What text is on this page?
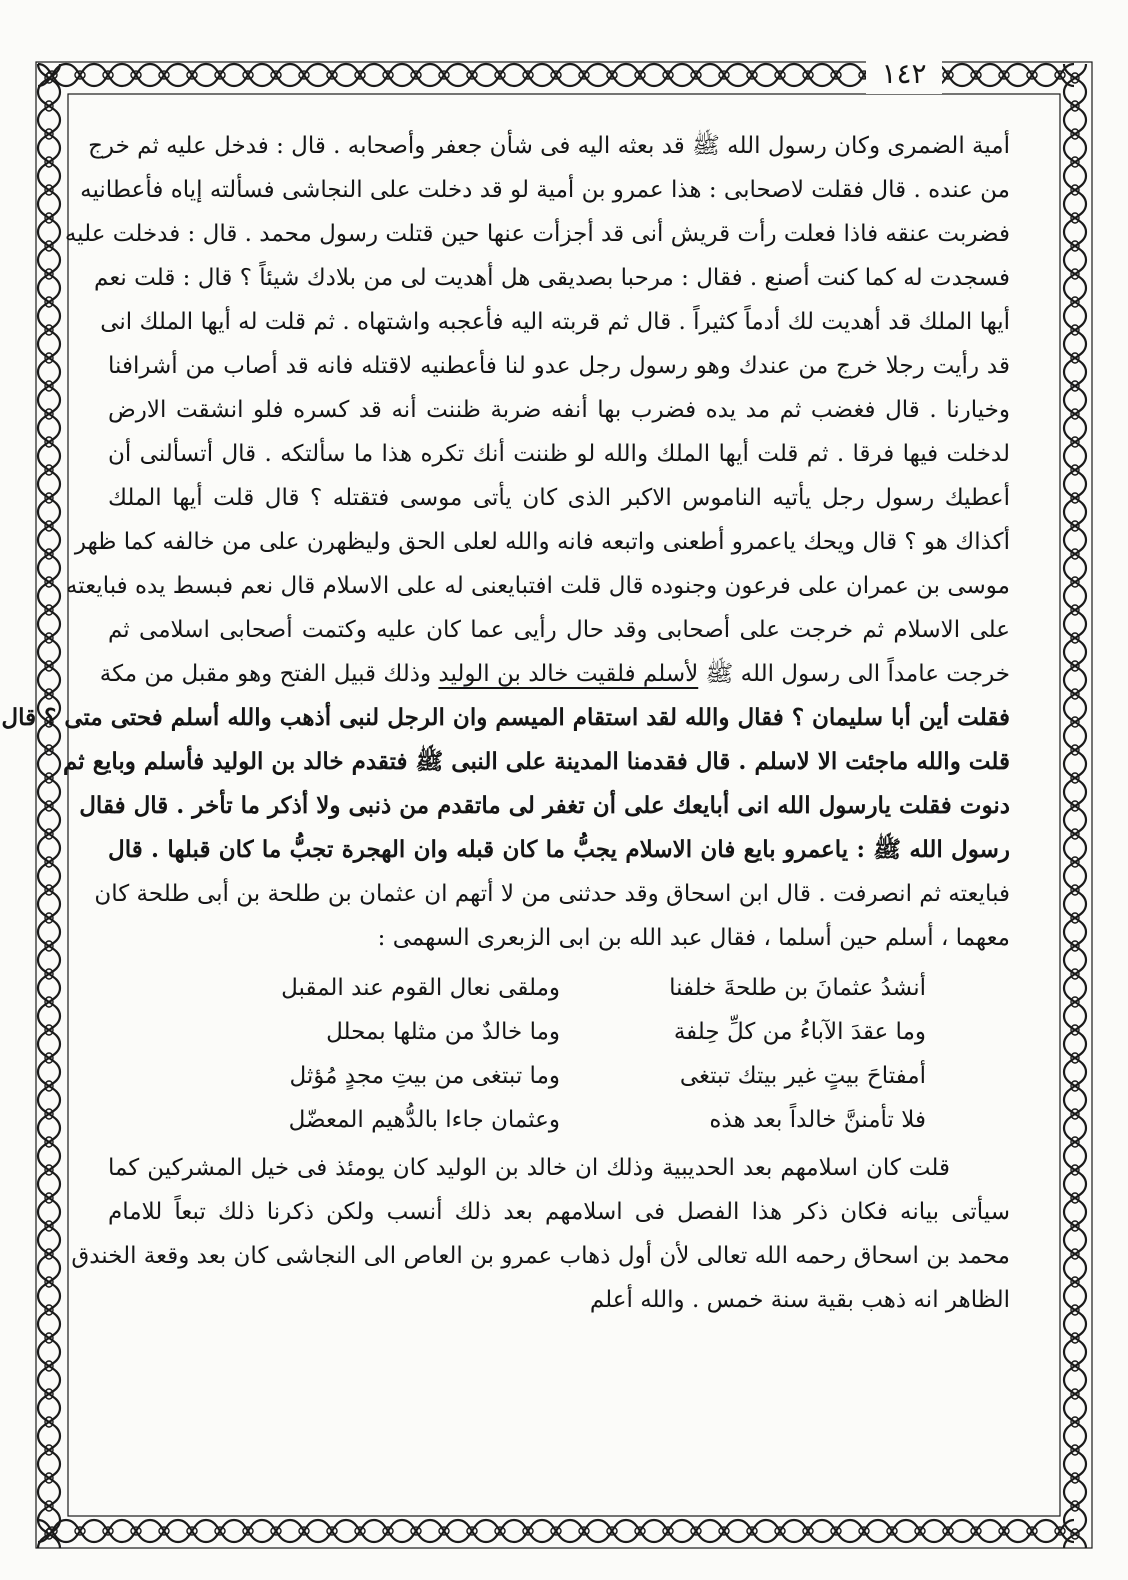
١٤٢

أمية الضمرى وكان رسول الله ﷺ قد بعثه اليه فى شأن جعفر وأصحابه . قال : فدخل عليه ثم خرج
من عنده . قال فقلت لاصحابى : هذا عمرو بن أمية لو قد دخلت على النجاشى فسألته إياه فأعطانيه
فضربت عنقه فاذا فعلت رأت قريش أنى قد أجزأت عنها حين قتلت رسول محمد . قال : فدخلت عليه
فسجدت له كما كنت أصنع . فقال : مرحبا بصديقى هل أهديت لى من بلادك شيئاً ؟ قال : قلت نعم
أيها الملك قد أهديت لك أدماً كثيراً . قال ثم قربته اليه فأعجبه واشتهاه . ثم قلت له أيها الملك انى
قد رأيت رجلا خرج من عندك وهو رسول رجل عدو لنا فأعطنيه لاقتله فانه قد أصاب من أشرافنا
وخيارنا . قال فغضب ثم مد يده فضرب بها أنفه ضربة ظننت أنه قد كسره فلو انشقت الارض
لدخلت فيها فرقا . ثم قلت أيها الملك والله لو ظننت أنك تكره هذا ما سألتكه . قال أتسألنى أن
أعطيك رسول رجل يأتيه الناموس الاكبر الذى كان يأتى موسى فتقتله ؟ قال قلت أيها الملك
أكذاك هو ؟ قال ويحك ياعمرو أطعنى واتبعه فانه والله لعلى الحق وليظهرن على من خالفه كما ظهر
موسى بن عمران على فرعون وجنوده قال قلت افتبايعنى له على الاسلام قال نعم فبسط يده فبايعته
على الاسلام ثم خرجت على أصحابى وقد حال رأيى عما كان عليه وكتمت أصحابى اسلامى ثم
خرجت عامداً الى رسول الله ﷺ لأسلم فلقيت خالد بن الوليد وذلك قبيل الفتح وهو مقبل من مكة
فقلت أين أبا سليمان ؟ فقال والله لقد استقام الميسم وان الرجل لنبى أذهب والله أسلم فحتى متى ؟ قال
قلت والله ماجئت الا لاسلم . قال فقدمنا المدينة على النبى ﷺ فتقدم خالد بن الوليد فأسلم وبايع ثم
دنوت فقلت يارسول الله انى أبايعك على أن تغفر لى ماتقدم من ذنبى ولا أذكر ما تأخر . قال فقال
رسول الله ﷺ : ياعمرو بايع فان الاسلام يجبُّ ما كان قبله وان الهجرة تجبُّ ما كان قبلها . قال
فبايعته ثم انصرفت . قال ابن اسحاق وقد حدثنى من لا أتهم ان عثمان بن طلحة بن أبى طلحة كان
معهما ، أسلم حين أسلما ، فقال عبد الله بن ابى الزبعرى السهمى :

أنشدُ عثمانَ بن طلحةَ خلفنا
وملقى نعال القوم عند المقبل
وما عقدَ الآباءُ من كلِّ حِلفة
وما خالدٌ من مثلها بمحلل
أمفتاحَ بيتٍ غير بيتك تبتغى
وما تبتغى من بيتِ مجدٍ مُؤثل
فلا تأمننَّ خالداً بعد هذه
وعثمان جاءا بالدُّهيم المعضّل

قلت كان اسلامهم بعد الحديبية وذلك ان خالد بن الوليد كان يومئذ فى خيل المشركين كما
سيأتى بيانه فكان ذكر هذا الفصل فى اسلامهم بعد ذلك أنسب ولكن ذكرنا ذلك تبعاً للامام
محمد بن اسحاق رحمه الله تعالى لأن أول ذهاب عمرو بن العاص الى النجاشى كان بعد وقعة الخندق
الظاهر انه ذهب بقية سنة خمس . والله أعلم
